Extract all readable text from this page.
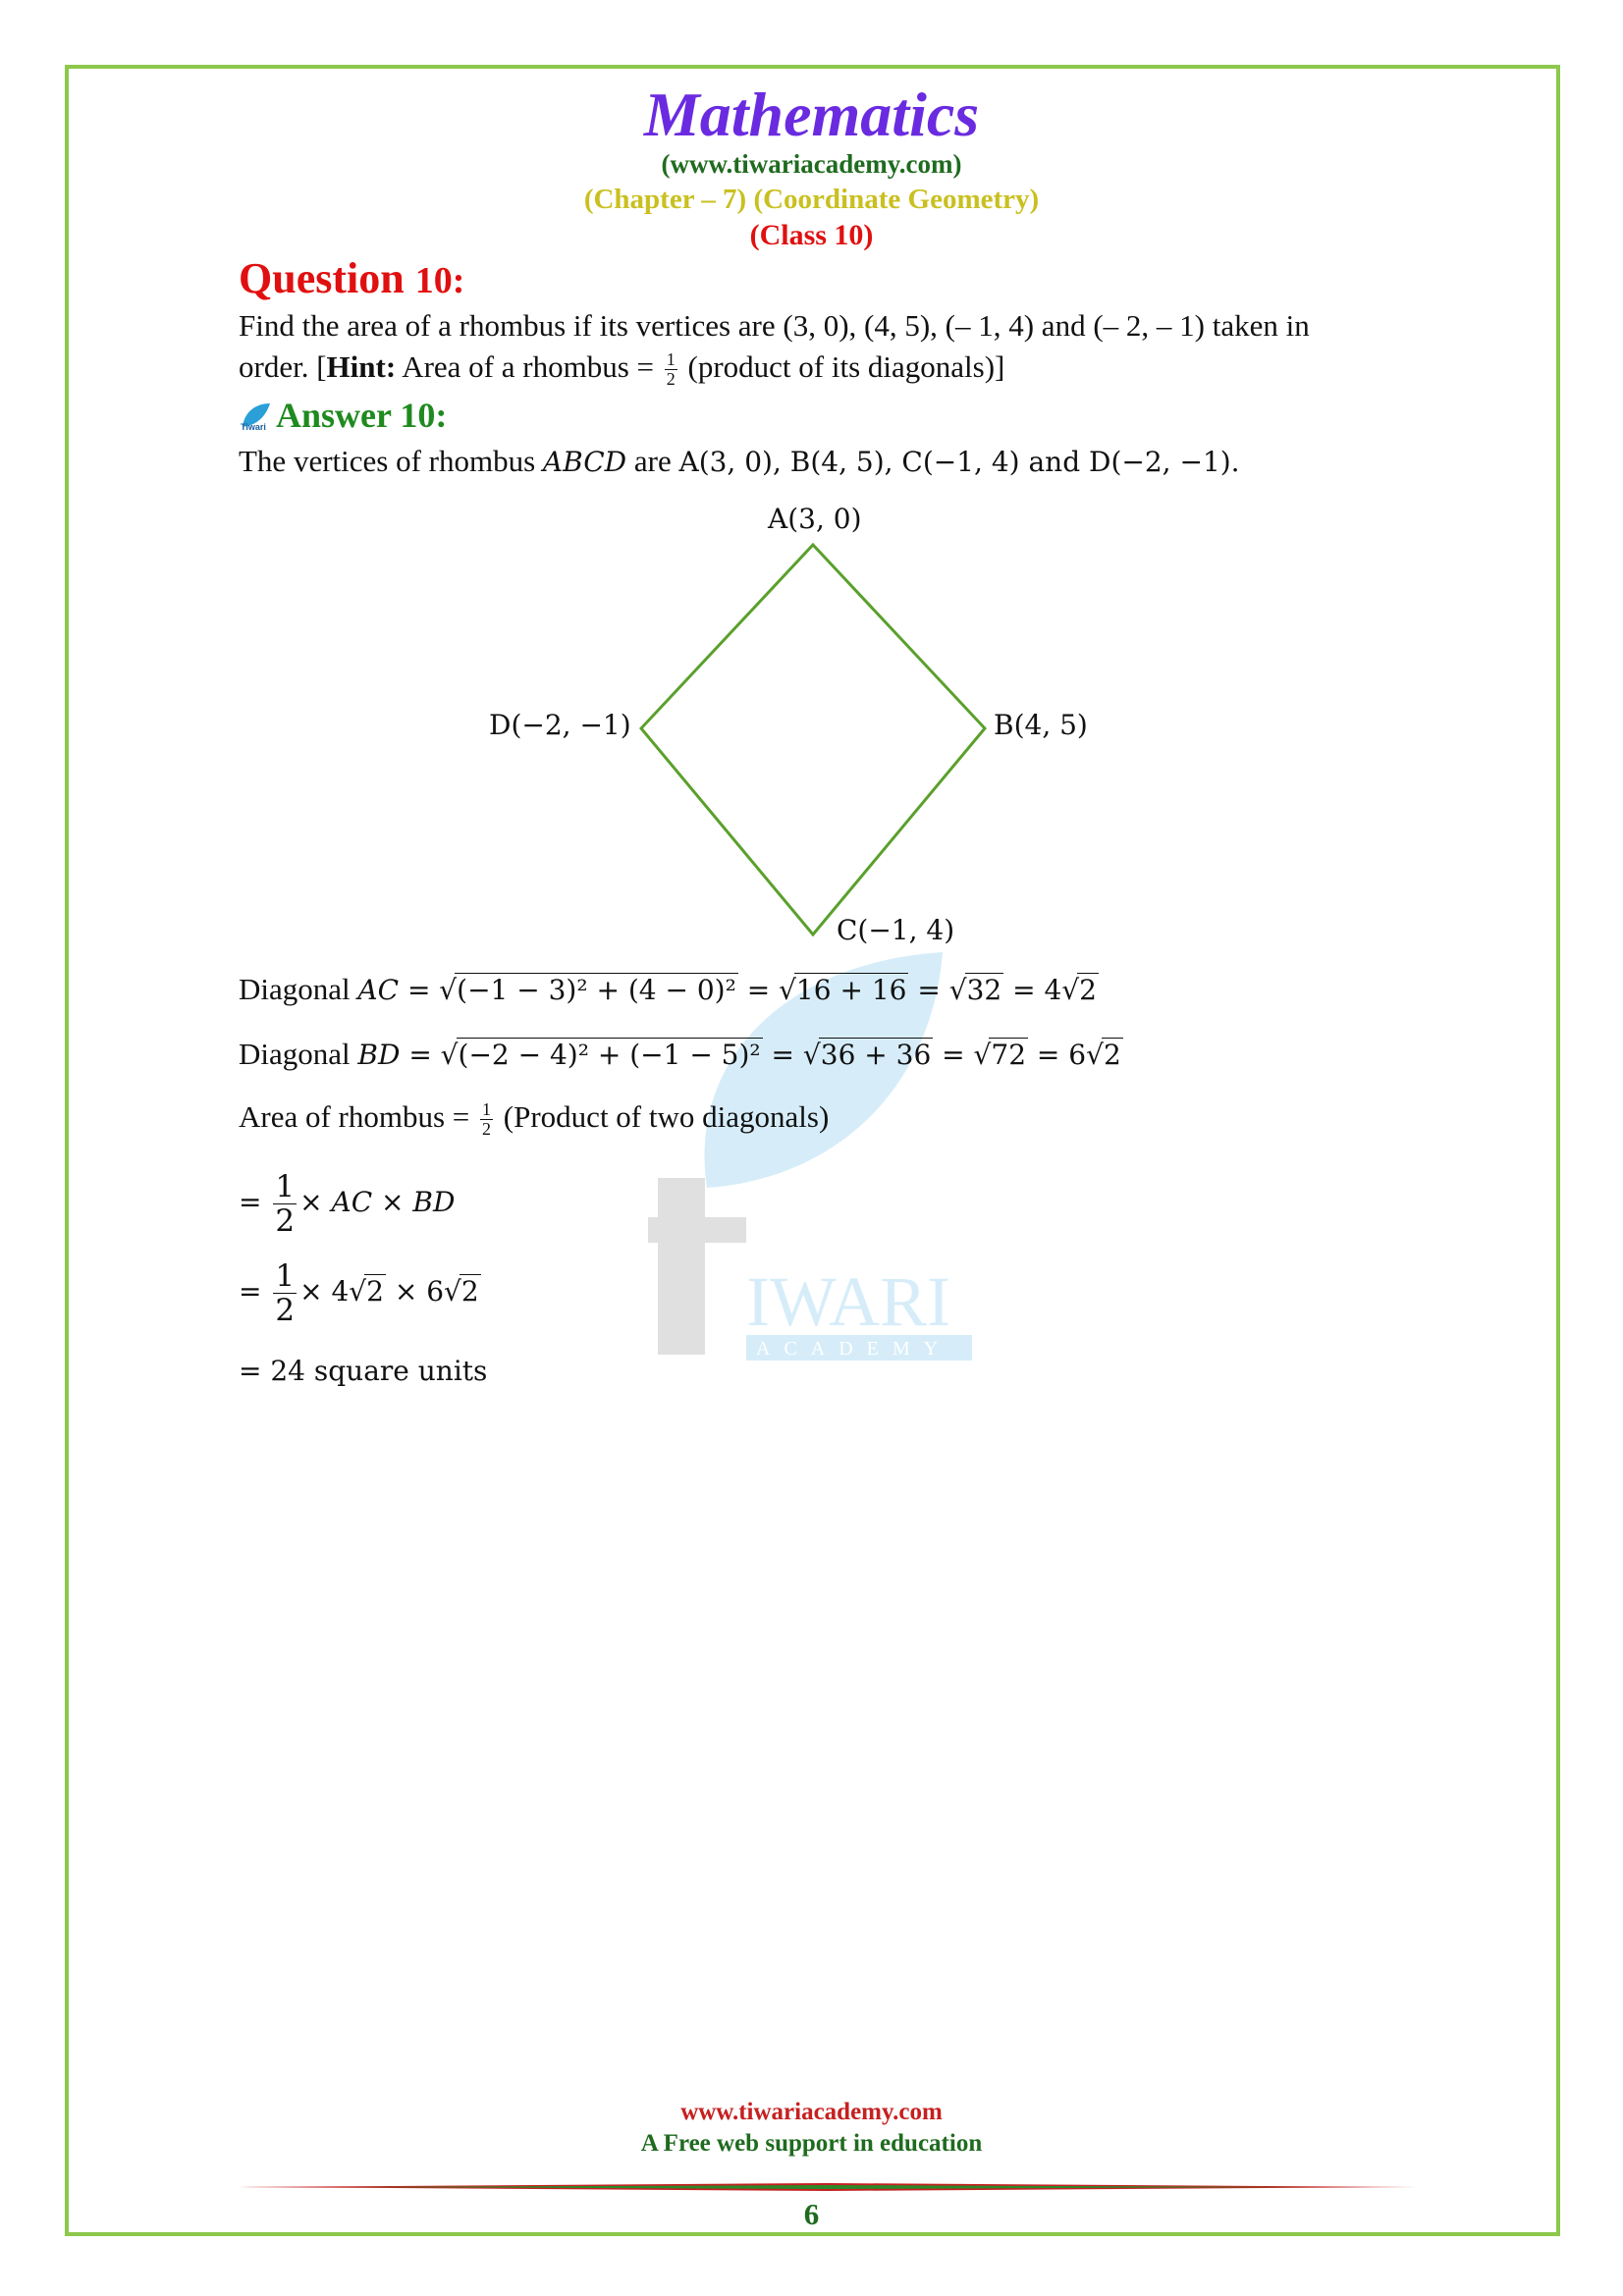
Mathematics
(www.tiwariacademy.com)
(Chapter – 7) (Coordinate Geometry)
(Class 10)
Question 10:
Find the area of a rhombus if its vertices are (3, 0), (4, 5), (– 1, 4) and (– 2, – 1) taken in
order. [Hint: Area of a rhombus = $\frac{1}{2}$ (product of its diagonals)]
Tiwari Answer 10:
The vertices of rhombus ABCD are A(3, 0), B(4, 5), C(−1, 4) and D(−2, −1).
A(3, 0)
B(4, 5)
C(−1, 4)
D(−2, −1)
IWARI
ACADEMY
Diagonal AC = √(−1 − 3)² + (4 − 0)² = √16 + 16 = √32 = 4√2
Diagonal BD = √(−2 − 4)² + (−1 − 5)² = √36 + 36 = √72 = 6√2
Area of rhombus = $\frac{1}{2}$ (Product of two diagonals)
= $\frac{1}{2}$ × AC × BD
= $\frac{1}{2} \times 4√2 \times 6√2$
= 24 square units
www.tiwariacademy.com
A Free web support in education
6
